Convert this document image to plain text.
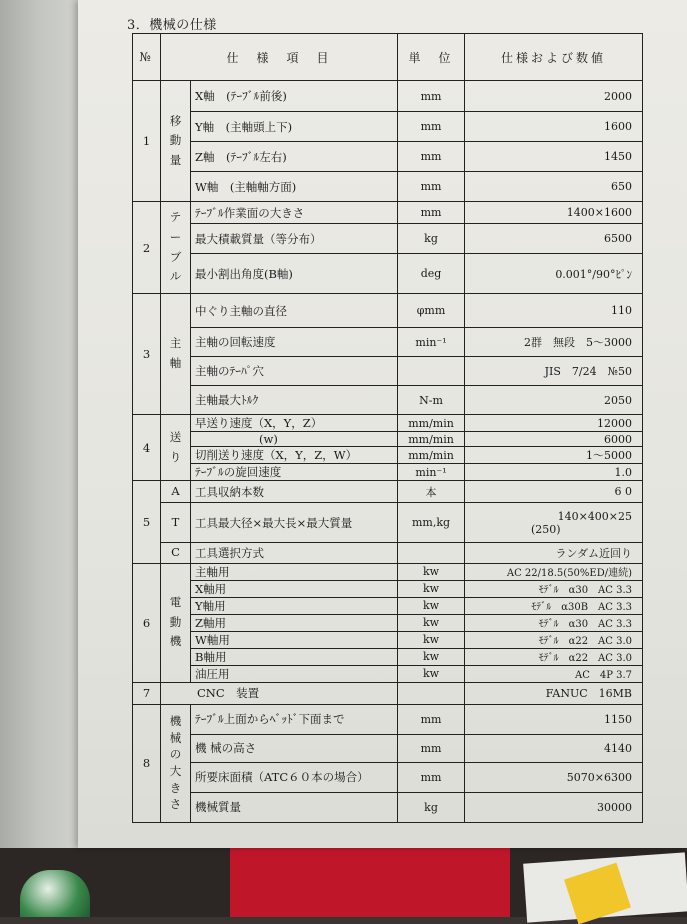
3．機械の仕様
№	仕　様　項　目		単　位	仕様および数値
1	移動量	X軸　(ﾃｰﾌﾞﾙ前後)	mm	2000
		Y軸　(主軸頭上下)	mm	1600
		Z軸　(ﾃｰﾌﾞﾙ左右)	mm	1450
		W軸　(主軸軸方面)	mm	650
2	テーブル	ﾃｰﾌﾞﾙ作業面の大きさ	mm	1400×1600
		最大積載質量（等分布）	kg	6500
		最小割出角度(B軸)	deg	0.001°/90°ﾋﾟﾝ
3	主軸	中ぐり主軸の直径	φmm	110
		主軸の回転速度	min⁻¹	2群　無段　5～3000
		主軸のﾃｰﾊﾟ穴		JIS　7/24　№50
		主軸最大ﾄﾙｸ	N-m	2050
4	送り	早送り速度（X，Y，Z）	mm/min	12000
		(w)	mm/min	6000
		切削送り速度（X，Y，Z，W）	mm/min	1～5000
		ﾃｰﾌﾞﾙの旋回速度	min⁻¹	1.0
5	A	工具収納本数	本	6 0
	T	工具最大径×最大長×最大質量	mm,kg	140×400×25
(250)

	C	工具選択方式		ランダム近回り
6	電動機	主軸用	kw	AC 22/18.5(50%ED/連続)
		X軸用	kw	ﾓﾃﾞﾙ　α30　AC 3.3
		Y軸用	kw	ﾓﾃﾞﾙ　α30B　AC 3.3
		Z軸用	kw	ﾓﾃﾞﾙ　α30　AC 3.3
		W軸用	kw	ﾓﾃﾞﾙ　α22　AC 3.0
		B軸用	kw	ﾓﾃﾞﾙ　α22　AC 3.0
		油圧用	kw	AC　4P 3.7
7	CNC　装置			FANUC　16MB
8	機械の大きさ	ﾃｰﾌﾞﾙ上面からﾍﾞｯﾄﾞ下面まで	mm	1150
		機 械の高さ	mm	4140
		所要床面積（ATC６０本の場合）	mm	5070×6300
		機械質量	kg	30000
